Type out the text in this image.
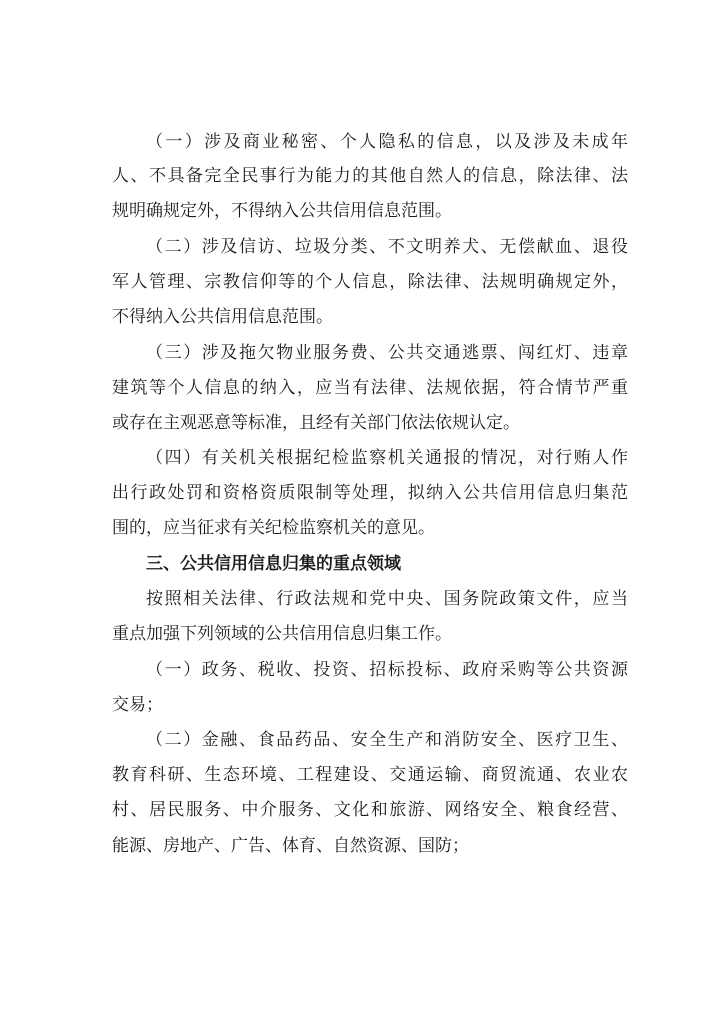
（一）涉及商业秘密、个人隐私的信息，以及涉及未成年
人、不具备完全民事行为能力的其他自然人的信息，除法律、法
规明确规定外，不得纳入公共信用信息范围。
（二）涉及信访、垃圾分类、不文明养犬、无偿献血、退役
军人管理、宗教信仰等的个人信息，除法律、法规明确规定外，
不得纳入公共信用信息范围。
（三）涉及拖欠物业服务费、公共交通逃票、闯红灯、违章
建筑等个人信息的纳入，应当有法律、法规依据，符合情节严重
或存在主观恶意等标准，且经有关部门依法依规认定。
（四）有关机关根据纪检监察机关通报的情况，对行贿人作
出行政处罚和资格资质限制等处理，拟纳入公共信用信息归集范
围的，应当征求有关纪检监察机关的意见。
三、公共信用信息归集的重点领域
按照相关法律、行政法规和党中央、国务院政策文件，应当
重点加强下列领域的公共信用信息归集工作。
（一）政务、税收、投资、招标投标、政府采购等公共资源
交易；
（二）金融、食品药品、安全生产和消防安全、医疗卫生、
教育科研、生态环境、工程建设、交通运输、商贸流通、农业农
村、居民服务、中介服务、文化和旅游、网络安全、粮食经营、
能源、房地产、广告、体育、自然资源、国防；
